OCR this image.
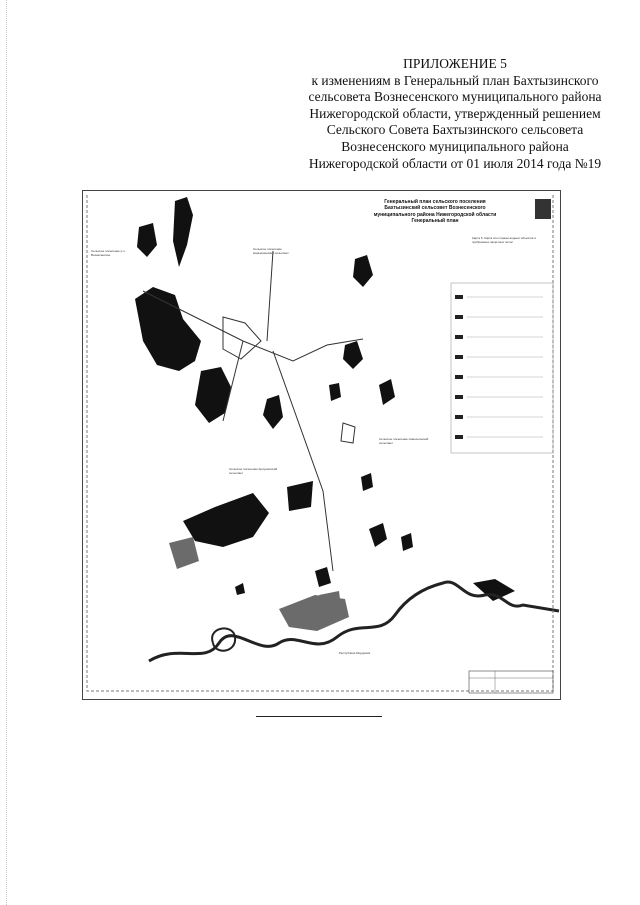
ПРИЛОЖЕНИЕ 5
к изменениям в Генеральный план Бахтызинского
сельсовета Вознесенского муниципального района
Нижегородской области, утвержденный решением
Сельского Совета Бахтызинского сельсовета
Вознесенского муниципального района
Нижегородской области от 01 июля 2014 года №19
Генеральный план сельского поселения
Бахтызинский сельсовет Вознесенского
муниципального района Нижегородской области
Генеральный план
Карта 5. Карта зон охраны водных объектов и прибрежных защитных полос
Сельское поселение р.п. Вознесенское
Сельское поселение Нарышкинский сельсовет
Сельское поселение Криушинский сельсовет
Сельское поселение Новосельский сельсовет
Республика Мордовия
